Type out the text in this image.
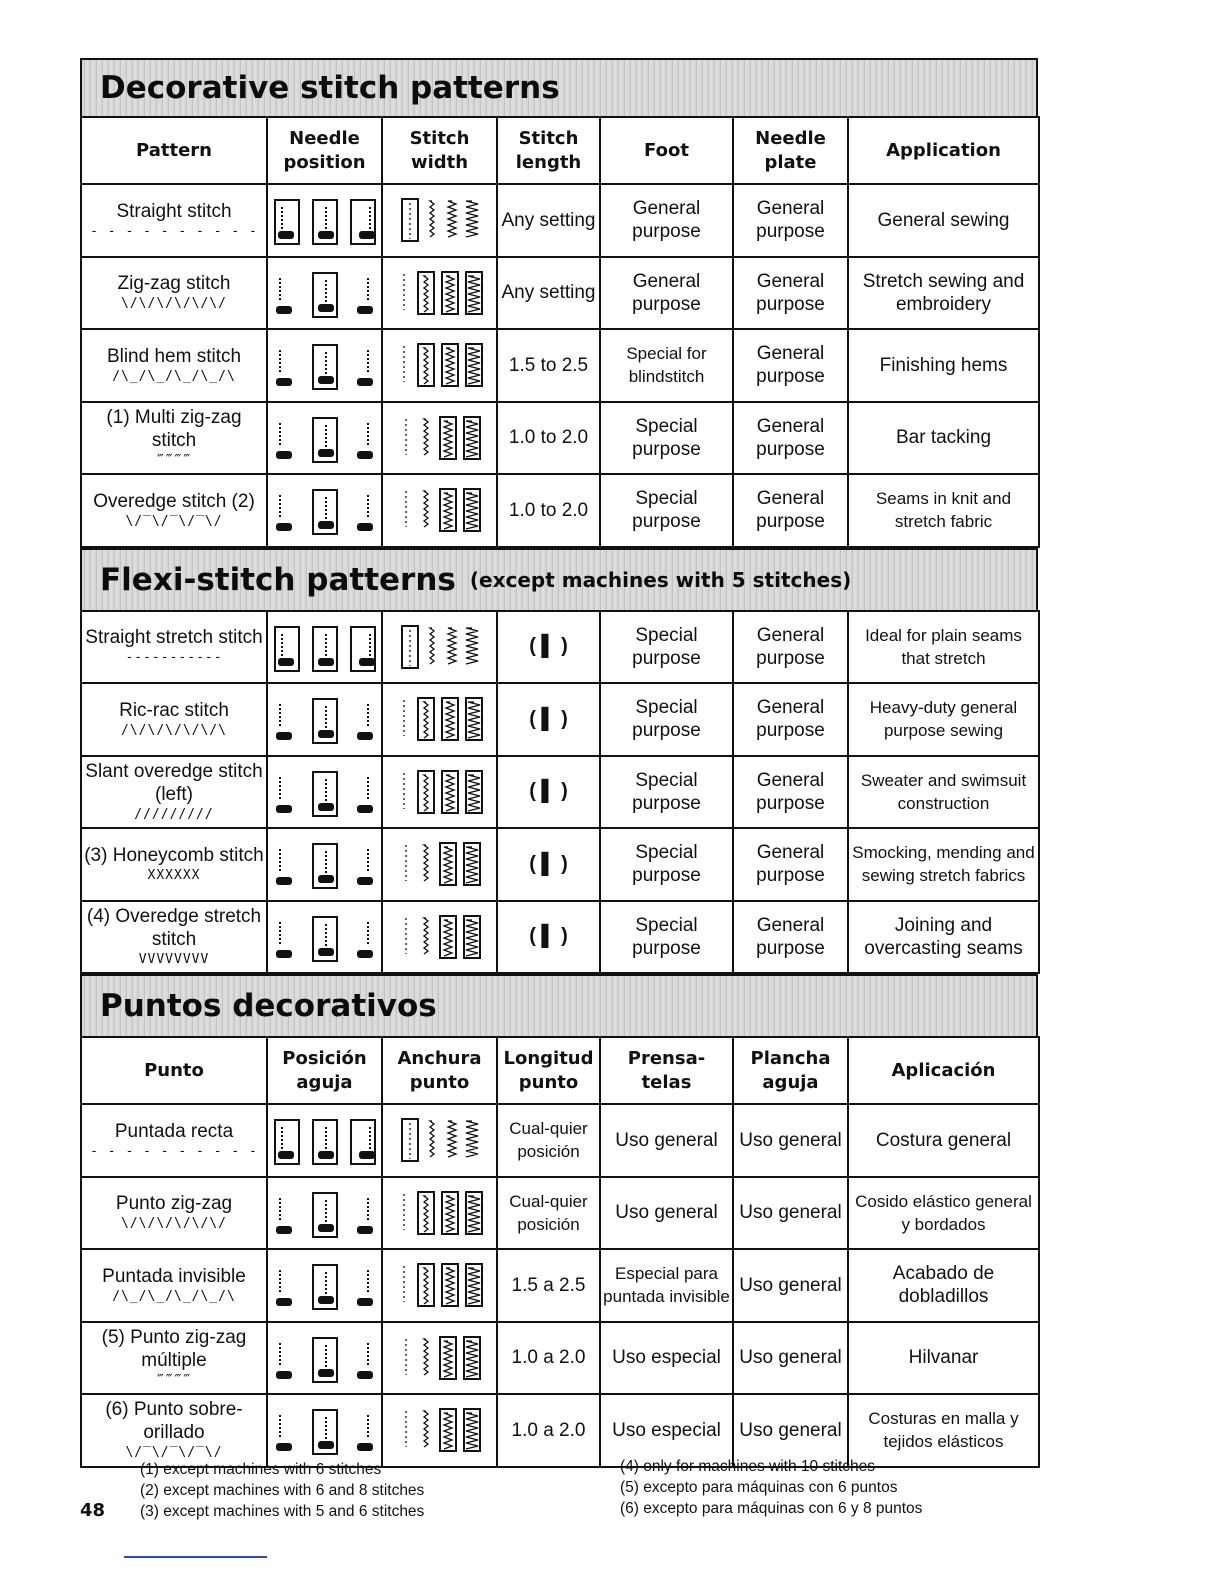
Decorative stitch patterns
Pattern	Needle position	Stitch width	Stitch length	Foot	Needle plate	Application
Straight stitch
- - - - - - - - - -			Any setting	General purpose	General purpose	General sewing
Zig-zag stitch
\/\/\/\/\/\/			Any setting	General purpose	General purpose	Stretch sewing and embroidery
Blind hem stitch
/\_/\_/\_/\_/\			1.5 to 2.5	Special for blindstitch	General purpose	Finishing hems
(1) Multi zig-zag stitch
‴‴‴‴			1.0 to 2.0	Special purpose	General purpose	Bar tacking
Overedge stitch (2)
\/‾\/‾\/‾\/			1.0 to 2.0	Special purpose	General purpose	Seams in knit and stretch fabric
Flexi-stitch patterns (except machines with 5 stitches)
Straight stretch stitch
-----------			( ▌ )	Special purpose	General purpose	Ideal for plain seams that stretch
Ric-rac stitch
/\/\/\/\/\/\			( ▌ )	Special purpose	General purpose	Heavy-duty general purpose sewing
Slant overedge stitch (left)
/////////			( ▌ )	Special purpose	General purpose	Sweater and swimsuit construction
(3) Honeycomb stitch
XXXXXX			( ▌ )	Special purpose	General purpose	Smocking, mending and sewing stretch fabrics
(4) Overedge stretch stitch
VVVVVVVV			( ▌ )	Special purpose	General purpose	Joining and overcasting seams
Puntos decorativos
Punto	Posición aguja	Anchura punto	Longitud punto	Prensa-telas	Plancha aguja	Aplicación
Puntada recta
- - - - - - - - - -			Cual-quier posición	Uso general	Uso general	Costura general
Punto zig-zag
\/\/\/\/\/\/			Cual-quier posición	Uso general	Uso general	Cosido elástico general y bordados
Puntada invisible
/\_/\_/\_/\_/\			1.5 a 2.5	Especial para puntada invisible	Uso general	Acabado de dobladillos
(5) Punto zig-zag múltiple
‴‴‴‴			1.0 a 2.0	Uso especial	Uso general	Hilvanar
(6) Punto sobre-orillado
\/‾\/‾\/‾\/			1.0 a 2.0	Uso especial	Uso general	Costuras en malla y tejidos elásticos
(1) except machines with 6 stitches
(2) except machines with 6 and 8 stitches
(3) except machines with 5 and 6 stitches
(4) only for machines with 10 stitches
(5) excepto para máquinas con 6 puntos
(6) excepto para máquinas con 6 y 8 puntos
48
